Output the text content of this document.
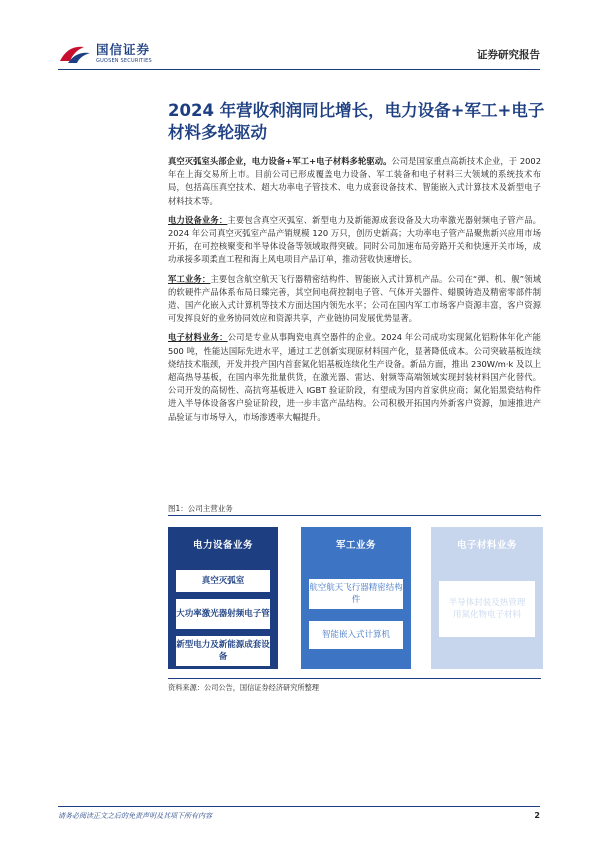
国信证券
GUOSEN SECURITIES	证券研究报告
2024 年营收利润同比增长，电力设备+军工+电子材料多轮驱动

真空灭弧室头部企业，电力设备+军工+电子材料多轮驱动。公司是国家重点高新技术企业，于 2002 年在上海交易所上市。目前公司已形成覆盖电力设备、军工装备和电子材料三大领域的系统技术布局，包括高压真空技术、超大功率电子管技术、电力成套设备技术、智能嵌入式计算技术及新型电子材料技术等。

电力设备业务：主要包含真空灭弧室、新型电力及新能源成套设备及大功率激光器射频电子管产品。2024 年公司真空灭弧室产品产销规模 120 万只，创历史新高；大功率电子管产品聚焦新兴应用市场开拓，在可控核聚变和半导体设备等领域取得突破。同时公司加速布局旁路开关和快速开关市场，成功承接多项柔直工程和海上风电项目产品订单，推动营收快速增长。

军工业务：主要包含航空航天飞行器精密结构件、智能嵌入式计算机产品。公司在“弹、机、舰”领域的软硬件产品体系布局日臻完善，其空间电荷控制电子管、气体开关器件、蜡膜铸造及精密零部件制造、国产化嵌入式计算机等技术方面达国内领先水平；公司在国内军工市场客户资源丰富，客户资源可发挥良好的业务协同效应和资源共享，产业链协同发展优势显著。

电子材料业务：公司是专业从事陶瓷电真空器件的企业。2024 年公司成功实现氮化铝粉体年化产能 500 吨，性能达国际先进水平，通过工艺创新实现原材料国产化，显著降低成本。公司突破基板连续烧结技术瓶颈，开发并投产国内首套氮化铝基板连续化生产设备。新品方面，推出 230W/m·k 及以上超高热导基板，在国内率先批量供货，在激光器、雷达、射频等高端领域实现封装材料国产化替代。公司开发的高韧性、高抗弯基板进入 IGBT 验证阶段，有望成为国内首家供应商；氮化铝黑瓷结构件进入半导体设备客户验证阶段，进一步丰富产品结构。公司积极开拓国内外新客户资源，加速推进产品验证与市场导入，市场渗透率大幅提升。

图1：公司主营业务
电力设备业务
真空灭弧室
大功率激光器射频电子管
新型电力及新能源成套设备
军工业务
航空航天飞行器精密结构件
智能嵌入式计算机
电子材料业务
半导体封装及热管理用氮化物电子材料
资料来源：公司公告，国信证券经济研究所整理
请务必阅读正文之后的免责声明及其项下所有内容	2
